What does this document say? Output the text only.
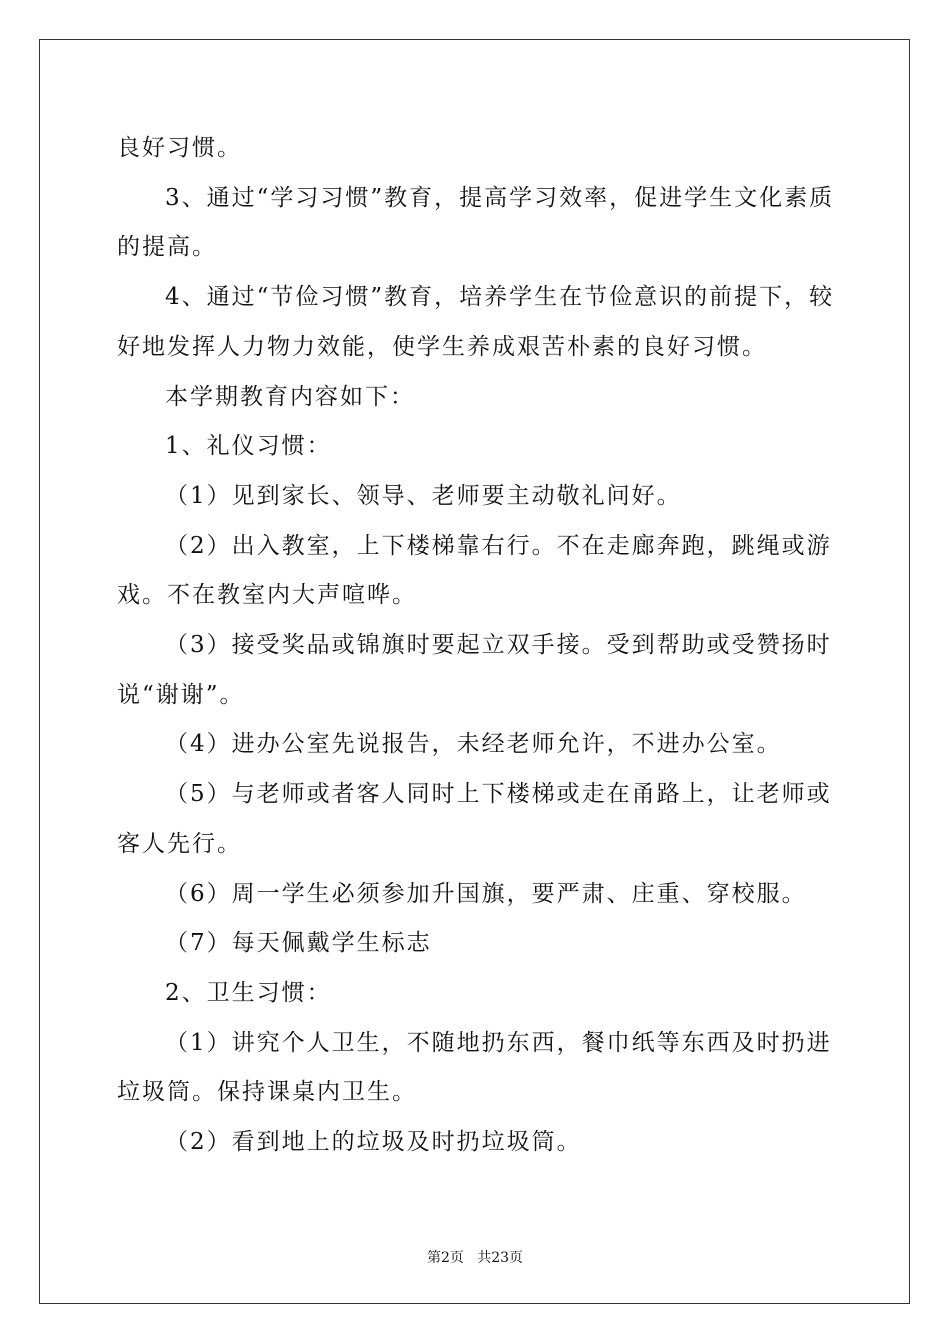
良好习惯。

3、通过“学习习惯”教育，提高学习效率，促进学生文化素质的提高。

4、通过“节俭习惯”教育，培养学生在节俭意识的前提下，较好地发挥人力物力效能，使学生养成艰苦朴素的良好习惯。

本学期教育内容如下：

1、礼仪习惯：

（1）见到家长、领导、老师要主动敬礼问好。

（2）出入教室，上下楼梯靠右行。不在走廊奔跑，跳绳或游戏。不在教室内大声喧哗。

（3）接受奖品或锦旗时要起立双手接。受到帮助或受赞扬时说“谢谢”。

（4）进办公室先说报告，未经老师允许，不进办公室。

（5）与老师或者客人同时上下楼梯或走在甬路上，让老师或客人先行。

（6）周一学生必须参加升国旗，要严肃、庄重、穿校服。

（7）每天佩戴学生标志

2、卫生习惯：

（1）讲究个人卫生，不随地扔东西，餐巾纸等东西及时扔进垃圾筒。保持课桌内卫生。

（2）看到地上的垃圾及时扔垃圾筒。

第2页   共23页
